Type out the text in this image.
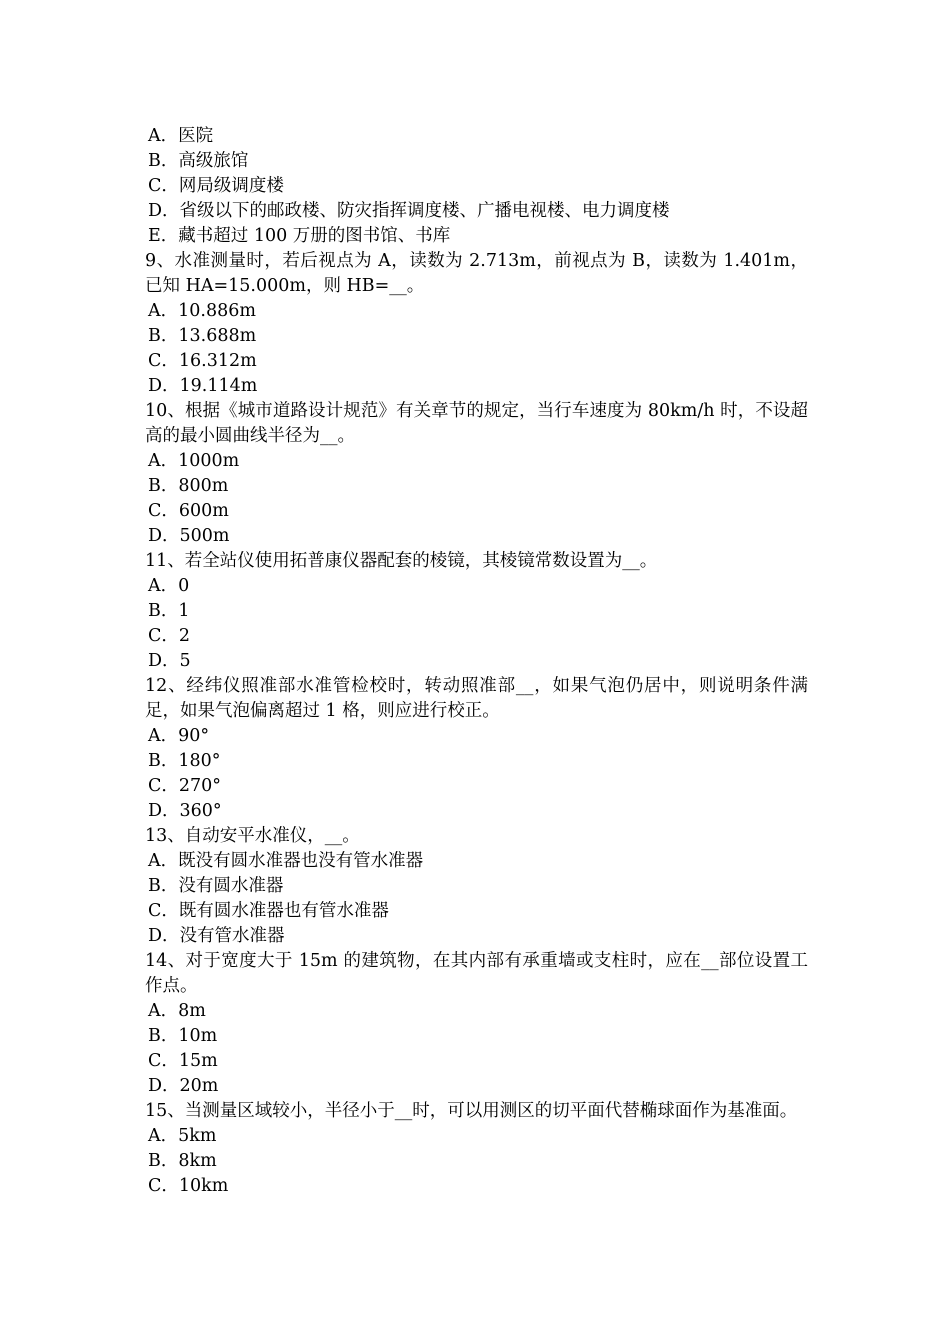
A．医院
B．高级旅馆
C．网局级调度楼
D．省级以下的邮政楼、防灾指挥调度楼、广播电视楼、电力调度楼
E．藏书超过 100 万册的图书馆、书库
9、水准测量时，若后视点为 A，读数为 2.713m，前视点为 B，读数为 1.401m，已知 HA=15.000m，则 HB=__。
A．10.886m
B．13.688m
C．16.312m
D．19.114m
10、根据《城市道路设计规范》有关章节的规定，当行车速度为 80km/h 时，不设超高的最小圆曲线半径为__。
A．1000m
B．800m
C．600m
D．500m
11、若全站仪使用拓普康仪器配套的棱镜，其棱镜常数设置为__。
A．0
B．1
C．2
D．5
12、经纬仪照准部水准管检校时，转动照准部__，如果气泡仍居中，则说明条件满足，如果气泡偏离超过 1 格，则应进行校正。
A．90°
B．180°
C．270°
D．360°
13、自动安平水准仪，__。
A．既没有圆水准器也没有管水准器
B．没有圆水准器
C．既有圆水准器也有管水准器
D．没有管水准器
14、对于宽度大于 15m 的建筑物，在其内部有承重墙或支柱时，应在__部位设置工作点。
A．8m
B．10m
C．15m
D．20m
15、当测量区域较小，半径小于__时，可以用测区的切平面代替椭球面作为基准面。
A．5km
B．8km
C．10km
